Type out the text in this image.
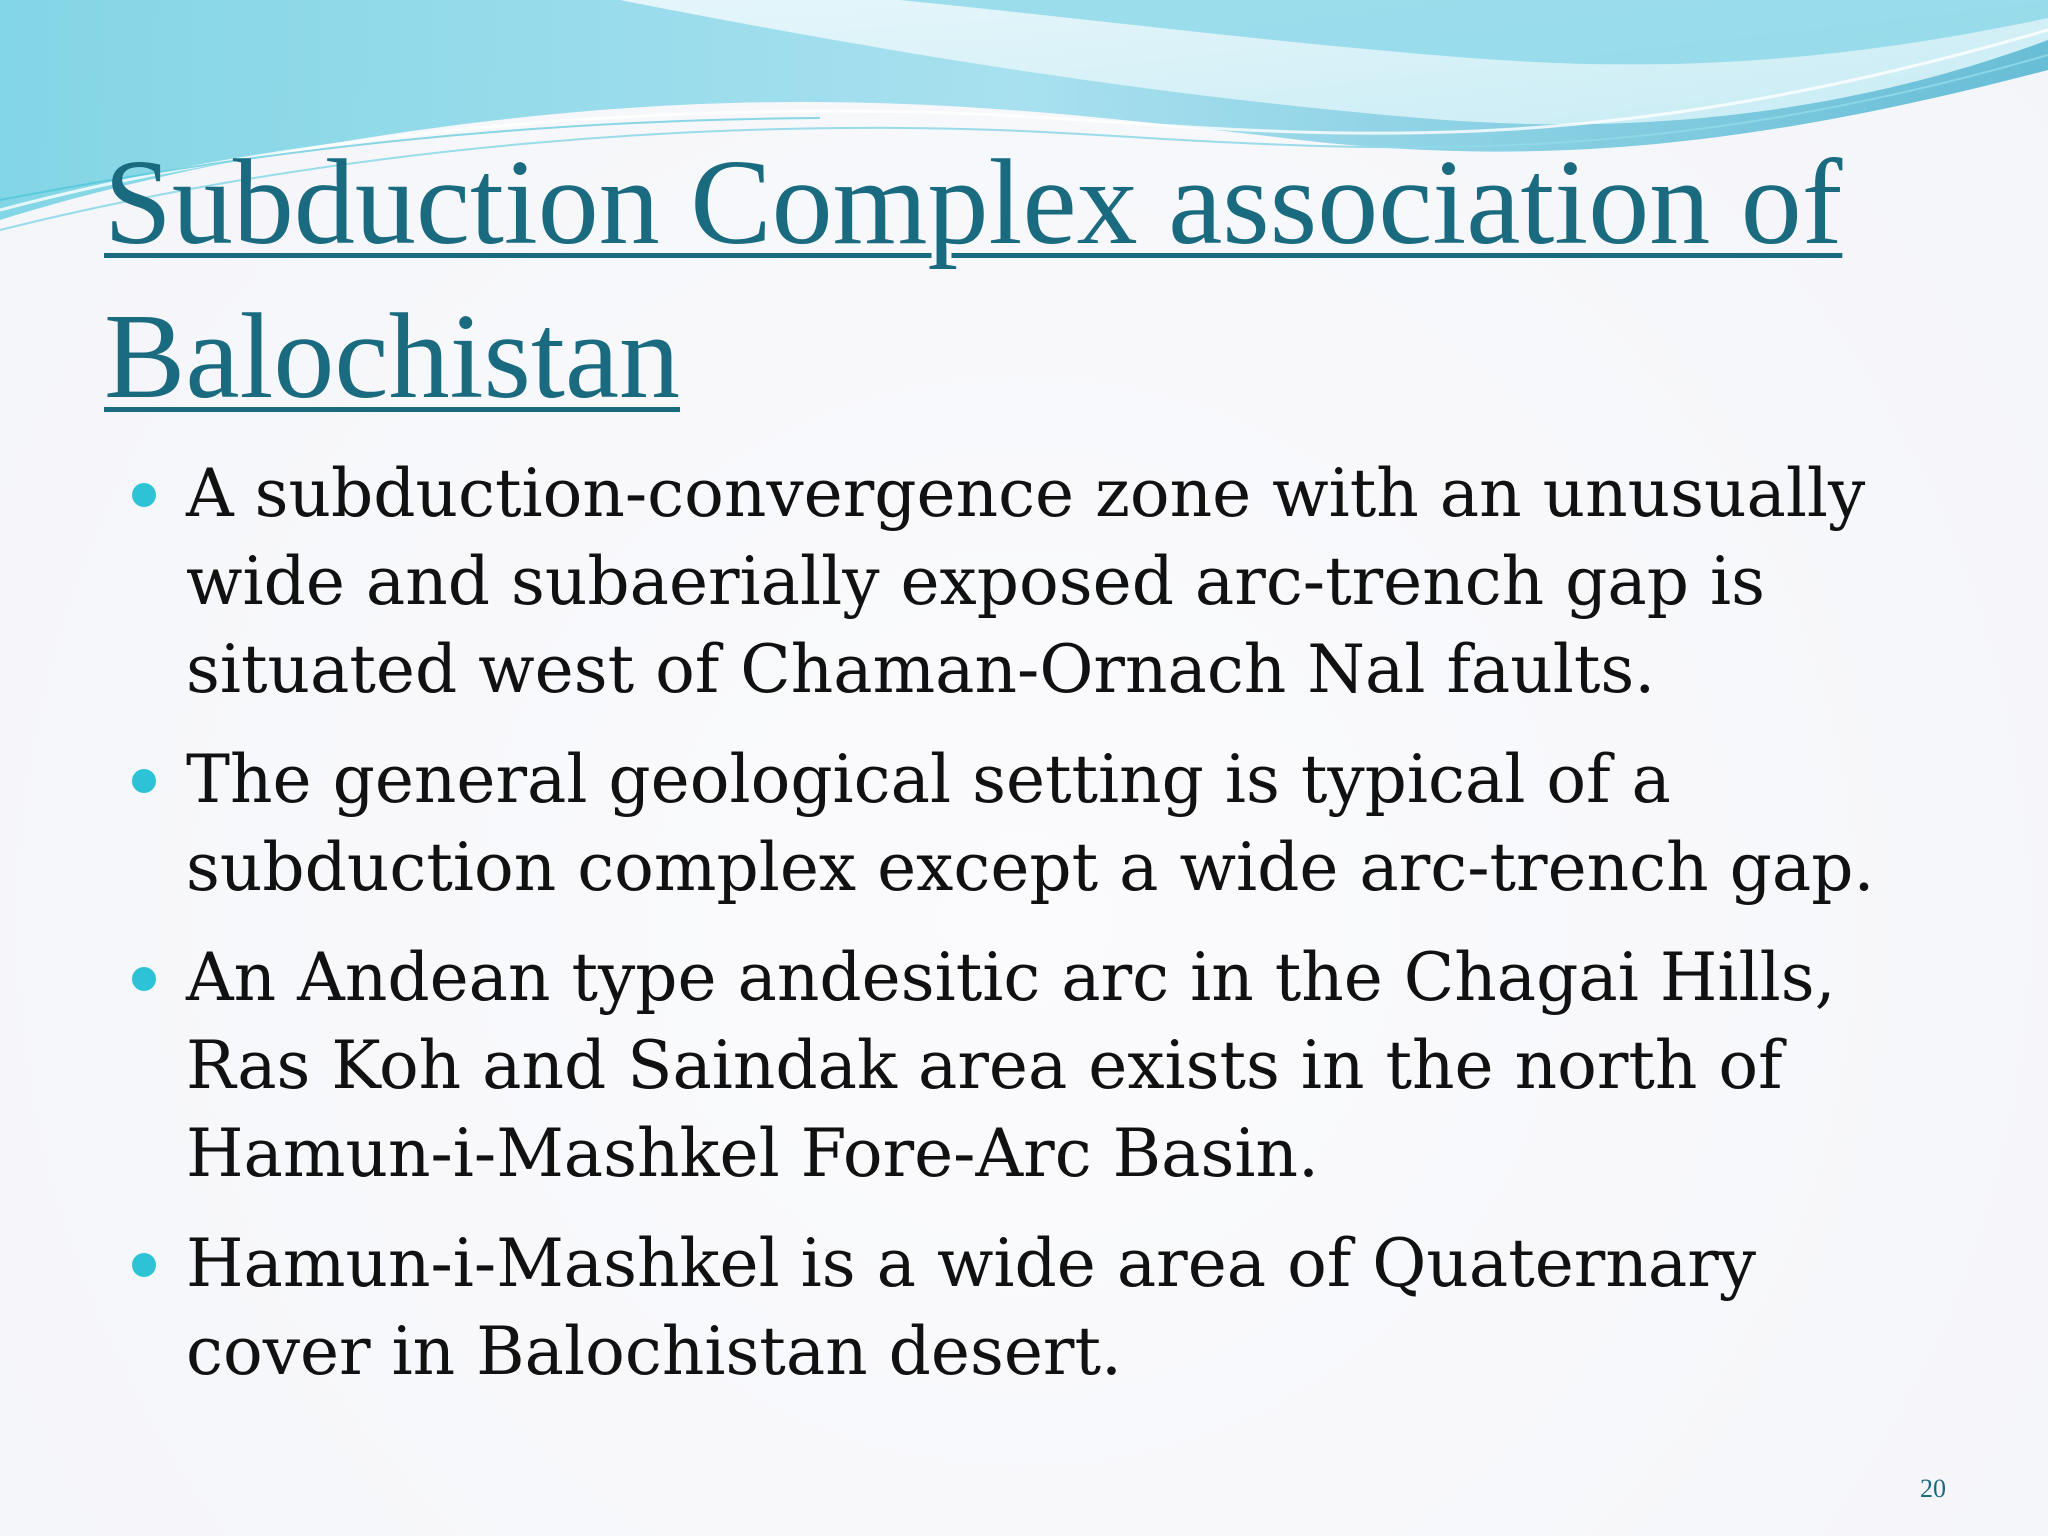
Subduction Complex association of Balochistan
A subduction-convergence zone with an unusually wide and subaerially exposed arc-trench gap is situated west of Chaman-Ornach Nal faults.
The general geological setting is typical of a subduction complex except a wide arc-trench gap.
An Andean type andesitic arc in the Chagai Hills, Ras Koh and Saindak area exists in the north of Hamun-i-Mashkel Fore-Arc Basin.
Hamun-i-Mashkel is a wide area of Quaternary cover in Balochistan desert.
20
